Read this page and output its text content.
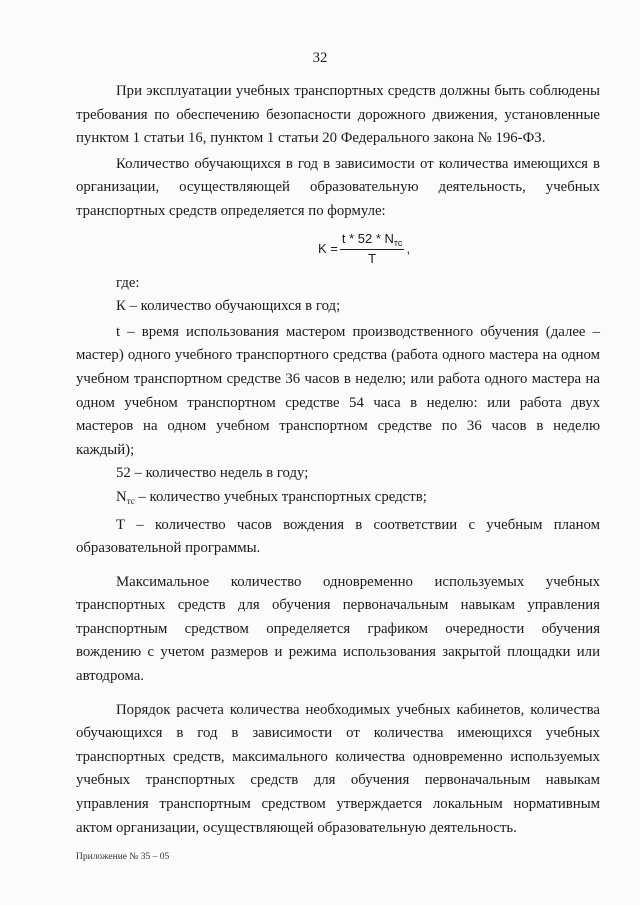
32

При эксплуатации учебных транспортных средств должны быть соблюдены требования по обеспечению безопасности дорожного движения, установленные пунктом 1 статьи 16, пунктом 1 статьи 20 Федерального закона № 196-ФЗ.

Количество обучающихся в год в зависимости от количества имеющихся в организации, осуществляющей образовательную деятельность, учебных транспортных средств определяется по формуле:

$K = \frac{t * 52 * N_{тс}}{T}$ ,

где:

К – количество обучающихся в год;

t – время использования мастером производственного обучения (далее – мастер) одного учебного транспортного средства (работа одного мастера на одном учебном транспортном средстве 36 часов в неделю; или работа одного мастера на одном учебном транспортном средстве 54 часа в неделю: или работа двух мастеров на одном учебном транспортном средстве по 36 часов в неделю каждый);

52 – количество недель в году;

$N_{тс}$ – количество учебных транспортных средств;

Т – количество часов вождения в соответствии с учебным планом образовательной программы.

Максимальное количество одновременно используемых учебных транспортных средств для обучения первоначальным навыкам управления транспортным средством определяется графиком очередности обучения вождению с учетом размеров и режима использования закрытой площадки или автодрома.

Порядок расчета количества необходимых учебных кабинетов, количества обучающихся в год в зависимости от количества имеющихся учебных транспортных средств, максимального количества одновременно используемых учебных транспортных средств для обучения первоначальным навыкам управления транспортным средством утверждается локальным нормативным актом организации, осуществляющей образовательную деятельность.

Приложение № 35 – 05
